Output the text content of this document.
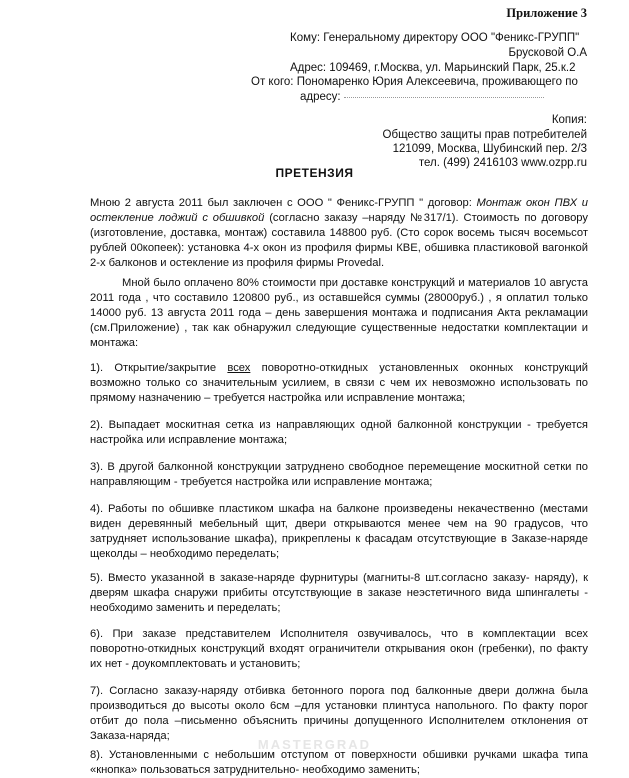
Приложение 3
Кому: Генеральному директору ООО "Феникс-ГРУПП"
Брусковой О.А
Адрес: 109469, г.Москва, ул. Марьинский Парк, 25.к.2
От кого: Пономаренко Юрия Алексеевича, проживающего по
адресу:
Копия:
Общество защиты прав потребителей
121099, Москва, Шубинский пер. 2/3
тел. (499) 2416103 www.ozpp.ru
ПРЕТЕНЗИЯ

Мною 2 августа 2011 был заключен с ООО " Феникс-ГРУПП " договор: Монтаж окон ПВХ и остекление лоджий с обшивкой (согласно заказу –наряду №317/1). Стоимость по договору (изготовление, доставка, монтаж) составила 148800 руб. (Сто сорок восемь тысяч восемьсот рублей 00копеек): установка 4-х окон из профиля фирмы КВЕ, обшивка пластиковой вагонкой 2-х балконов и остекление из профиля фирмы Provedal.

Мной было оплачено 80% стоимости при доставке конструкций и материалов 10 августа 2011 года , что составило 120800 руб., из оставшейся суммы (28000руб.) , я оплатил только 14000 руб. 13 августа 2011 года – день завершения монтажа и подписания Акта рекламации (см.Приложение) , так как обнаружил следующие существенные недостатки комплектации и монтажа:

1). Открытие/закрытие всех поворотно-откидных установленных оконных конструкций возможно только со значительным усилием, в связи с чем их невозможно использовать по прямому назначению – требуется настройка или исправление монтажа;

2). Выпадает москитная сетка из направляющих одной балконной конструкции - требуется настройка или исправление монтажа;

3). В другой балконной конструкции затруднено свободное перемещение москитной сетки по направляющим - требуется настройка или исправление монтажа;

4). Работы по обшивке пластиком шкафа на балконе произведены некачественно (местами виден деревянный мебельный щит, двери открываются менее чем на 90 градусов, что затрудняет использование шкафа), прикреплены к фасадам отсутствующие в Заказе-наряде щеколды – необходимо переделать;

5). Вместо указанной в заказе-наряде фурнитуры (магниты-8 шт.согласно заказу- наряду), к дверям шкафа снаружи прибиты отсутствующие в заказе неэстетичного вида шпингалеты - необходимо заменить и переделать;

6). При заказе представителем Исполнителя озвучивалось, что в комплектации всех поворотно-откидных конструкций входят ограничители открывания окон (гребенки), по факту их нет - доукомплектовать и установить;

7). Согласно заказу-наряду отбивка бетонного порога под балконные двери должна была производиться до высоты около 6см –для установки плинтуса напольного. По факту порог отбит до пола –письменно объяснить причины допущенного Исполнителем отклонения от Заказа-наряда;

MASTERGRAD

8). Установленными с небольшим отступом от поверхности обшивки ручками шкафа типа «кнопка» пользоваться затруднительно- необходимо заменить;
